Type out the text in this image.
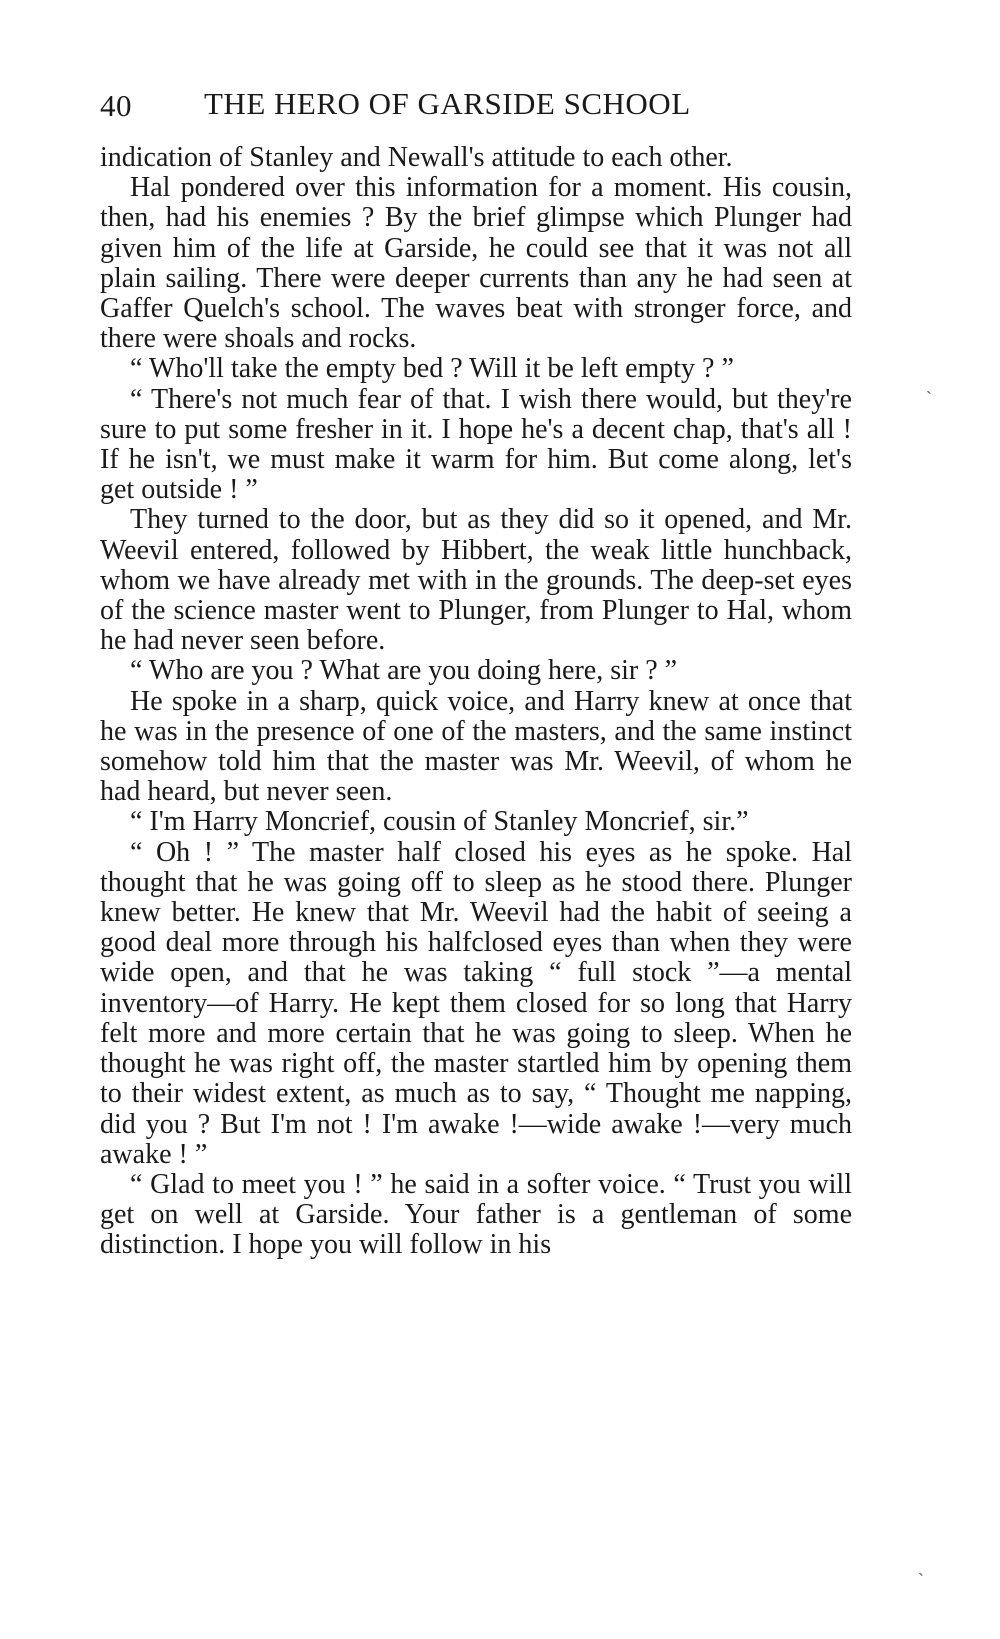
40 THE HERO OF GARSIDE SCHOOL

indication of Stanley and Newall's attitude to each other.

Hal pondered over this information for a moment. His cousin, then, had his enemies ? By the brief glimpse which Plunger had given him of the life at Garside, he could see that it was not all plain sailing. There were deeper currents than any he had seen at Gaffer Quelch's school. The waves beat with stronger force, and there were shoals and rocks.

“ Who'll take the empty bed ? Will it be left empty ? ”

“ There's not much fear of that. I wish there would, but they're sure to put some fresher in it. I hope he's a decent chap, that's all ! If he isn't, we must make it warm for him. But come along, let's get outside ! ”

They turned to the door, but as they did so it opened, and Mr. Weevil entered, followed by Hibbert, the weak little hunchback, whom we have already met with in the grounds. The deep-set eyes of the science master went to Plunger, from Plunger to Hal, whom he had never seen before.

“ Who are you ? What are you doing here, sir ? ”

He spoke in a sharp, quick voice, and Harry knew at once that he was in the presence of one of the masters, and the same instinct somehow told him that the master was Mr. Weevil, of whom he had heard, but never seen.

“ I'm Harry Moncrief, cousin of Stanley Moncrief, sir.”

“ Oh ! ” The master half closed his eyes as he spoke. Hal thought that he was going off to sleep as he stood there. Plunger knew better. He knew that Mr. Weevil had the habit of seeing a good deal more through his halfclosed eyes than when they were wide open, and that he was taking “ full stock ”—a mental inventory—of Harry. He kept them closed for so long that Harry felt more and more certain that he was going to sleep. When he thought he was right off, the master startled him by opening them to their widest extent, as much as to say, “ Thought me napping, did you ? But I'm not ! I'm awake !—wide awake !—very much awake ! ”

“ Glad to meet you ! ” he said in a softer voice. “ Trust you will get on well at Garside. Your father is a gentleman of some distinction. I hope you will follow in his

ˏ
ˎ
